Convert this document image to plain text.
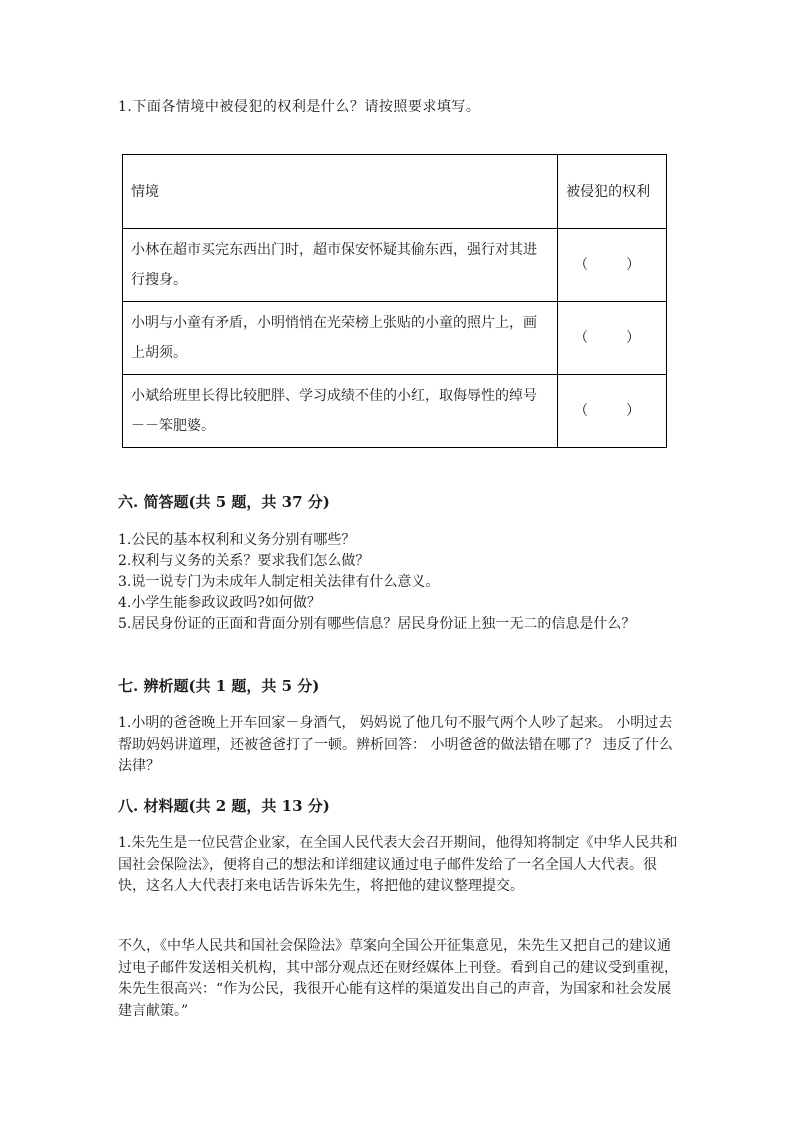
1.下面各情境中被侵犯的权利是什么？请按照要求填写。
情境	被侵犯的权利
小林在超市买完东西出门时，超市保安怀疑其偷东西，强行对其进行搜身。	（ ）

小明与小童有矛盾，小明悄悄在光荣榜上张贴的小童的照片上，画上胡须。	（ ）

小斌给班里长得比较肥胖、学习成绩不佳的小红，取侮辱性的绰号－－笨肥婆。	（ ）
六. 简答题(共 5 题，共 37 分)
1.公民的基本权利和义务分别有哪些？
2.权利与义务的关系？要求我们怎么做？
3.说一说专门为未成年人制定相关法律有什么意义。
4.小学生能参政议政吗?如何做？
5.居民身份证的正面和背面分别有哪些信息？居民身份证上独一无二的信息是什么？
七. 辨析题(共 1 题，共 5 分)

1.小明的爸爸晚上开车回家－身酒气， 妈妈说了他几句不服气两个人吵了起来。 小明过去帮助妈妈讲道理，还被爸爸打了一顿。辨析回答： 小明爸爸的做法错在哪了？ 违反了什么法律？

八. 材料题(共 2 题，共 13 分)

1.朱先生是一位民营企业家，在全国人民代表大会召开期间，他得知将制定《中华人民共和国社会保险法》，便将自己的想法和详细建议通过电子邮件发给了一名全国人大代表。很快，这名人大代表打来电话告诉朱先生，将把他的建议整理提交。

不久，《中华人民共和国社会保险法》草案向全国公开征集意见，朱先生又把自己的建议通过电子邮件发送相关机构，其中部分观点还在财经媒体上刊登。看到自己的建议受到重视，朱先生很高兴：“作为公民，我很开心能有这样的渠道发出自己的声音，为国家和社会发展建言献策。”
